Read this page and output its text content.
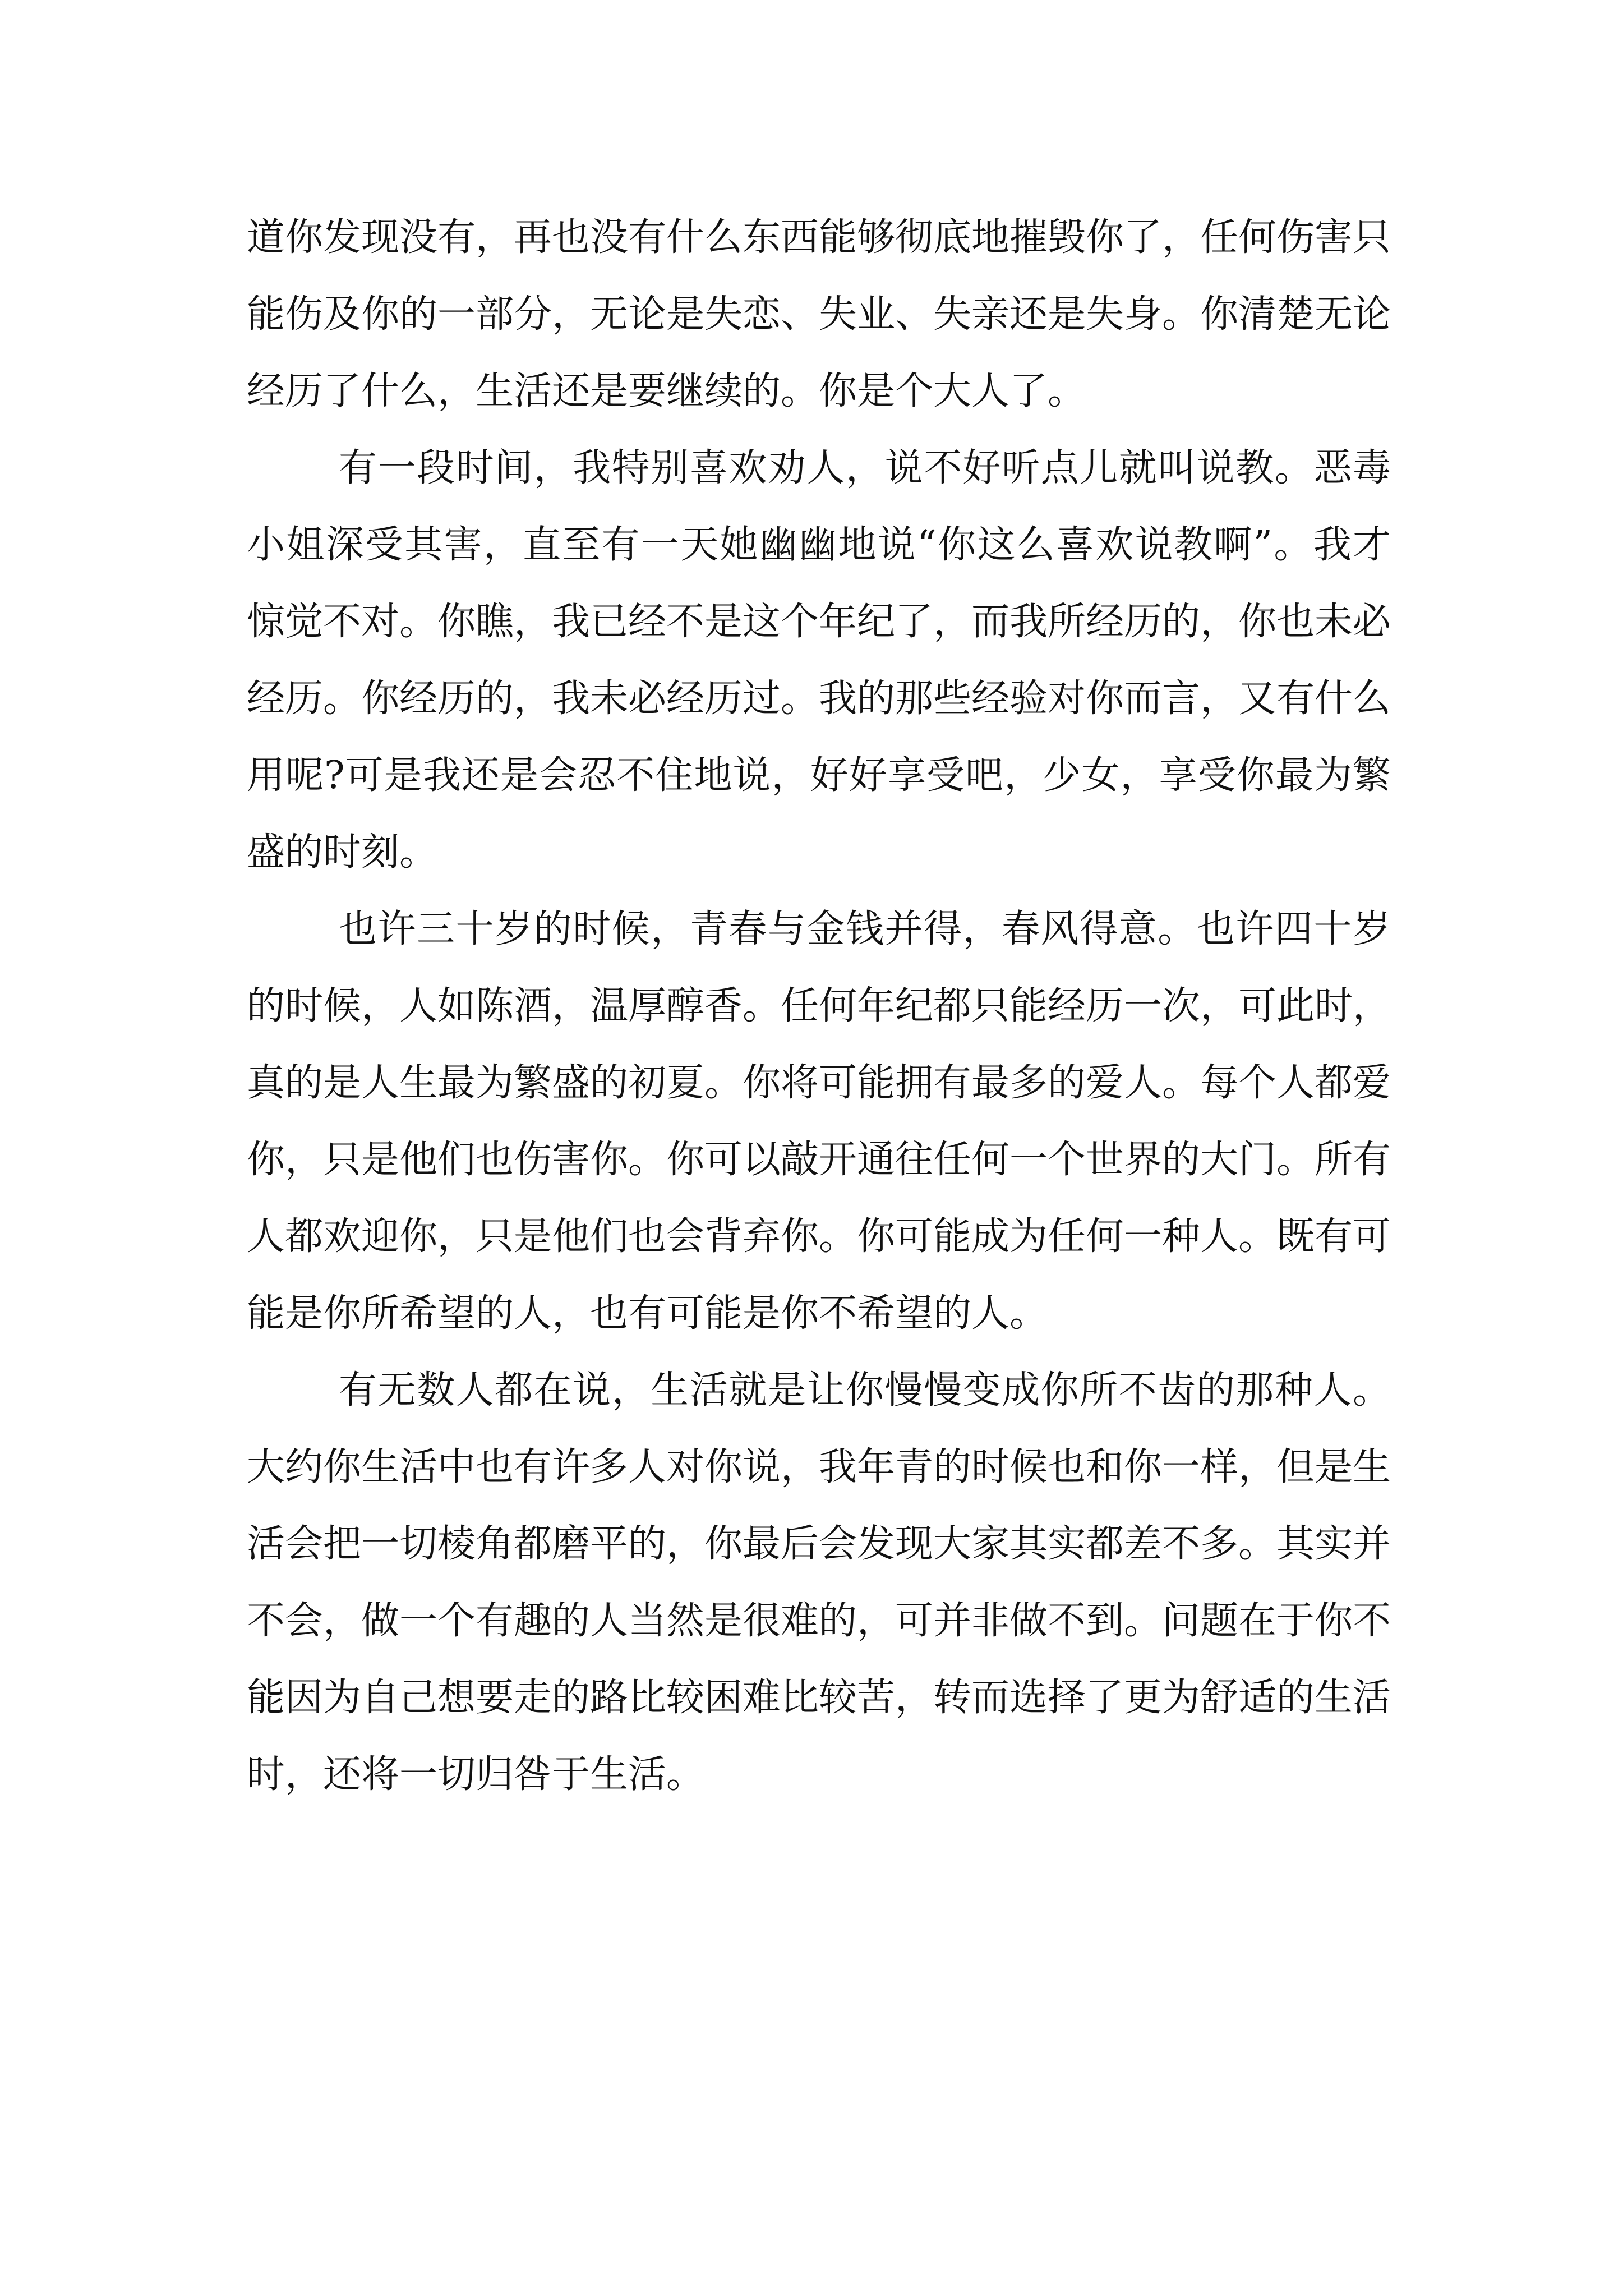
道你发现没有，再也没有什么东西能够彻底地摧毁你了，任何伤害只能伤及你的一部分，无论是失恋、失业、失亲还是失身。你清楚无论经历了什么，生活还是要继续的。你是个大人了。

有一段时间，我特别喜欢劝人，说不好听点儿就叫说教。恶毒小姐深受其害，直至有一天她幽幽地说“你这么喜欢说教啊”。我才惊觉不对。你瞧，我已经不是这个年纪了，而我所经历的，你也未必经历。你经历的，我未必经历过。我的那些经验对你而言，又有什么用呢?可是我还是会忍不住地说，好好享受吧，少女，享受你最为繁盛的时刻。

也许三十岁的时候，青春与金钱并得，春风得意。也许四十岁的时候，人如陈酒，温厚醇香。任何年纪都只能经历一次，可此时，真的是人生最为繁盛的初夏。你将可能拥有最多的爱人。每个人都爱你，只是他们也伤害你。你可以敲开通往任何一个世界的大门。所有人都欢迎你，只是他们也会背弃你。你可能成为任何一种人。既有可能是你所希望的人，也有可能是你不希望的人。

有无数人都在说，生活就是让你慢慢变成你所不齿的那种人。大约你生活中也有许多人对你说，我年青的时候也和你一样，但是生活会把一切棱角都磨平的，你最后会发现大家其实都差不多。其实并不会，做一个有趣的人当然是很难的，可并非做不到。问题在于你不能因为自己想要走的路比较困难比较苦，转而选择了更为舒适的生活时，还将一切归咎于生活。
